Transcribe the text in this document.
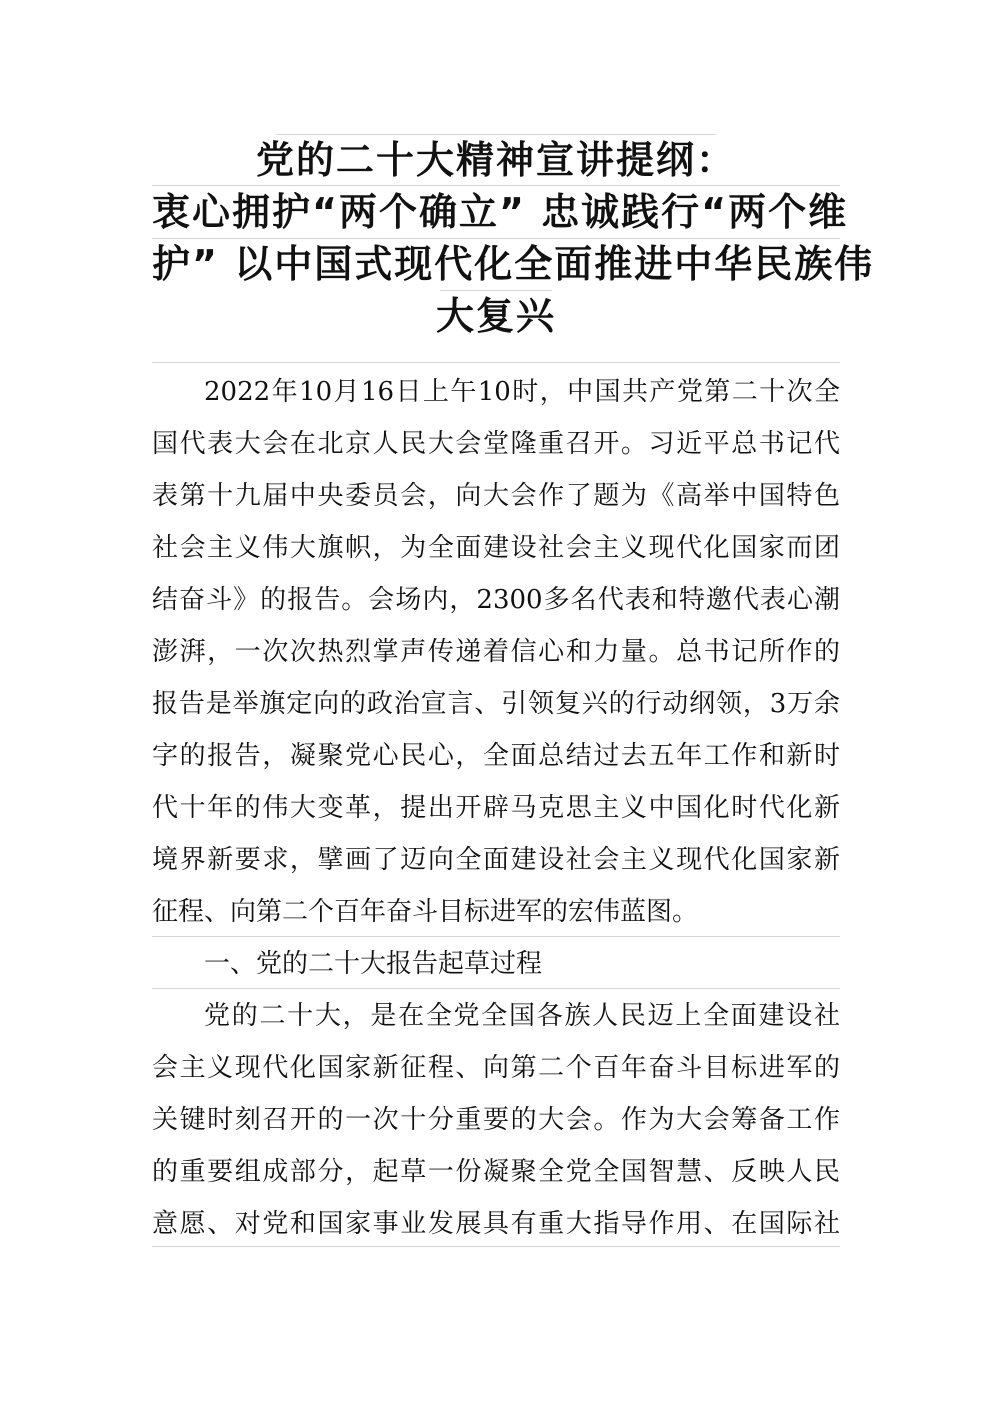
党的二十大精神宣讲提纲：
衷心拥护“两个确立” 忠诚践行“两个维
护” 以中国式现代化全面推进中华民族伟
大复兴
2022年10月16日上午10时，中国共产党第二十次全
国代表大会在北京人民大会堂隆重召开。习近平总书记代
表第十九届中央委员会，向大会作了题为《高举中国特色
社会主义伟大旗帜，为全面建设社会主义现代化国家而团
结奋斗》的报告。会场内，2300多名代表和特邀代表心潮
澎湃，一次次热烈掌声传递着信心和力量。总书记所作的
报告是举旗定向的政治宣言、引领复兴的行动纲领，3万余
字的报告，凝聚党心民心，全面总结过去五年工作和新时
代十年的伟大变革，提出开辟马克思主义中国化时代化新
境界新要求，擘画了迈向全面建设社会主义现代化国家新
征程、向第二个百年奋斗目标进军的宏伟蓝图。
一、党的二十大报告起草过程
党的二十大，是在全党全国各族人民迈上全面建设社
会主义现代化国家新征程、向第二个百年奋斗目标进军的
关键时刻召开的一次十分重要的大会。作为大会筹备工作
的重要组成部分，起草一份凝聚全党全国智慧、反映人民
意愿、对党和国家事业发展具有重大指导作用、在国际社
